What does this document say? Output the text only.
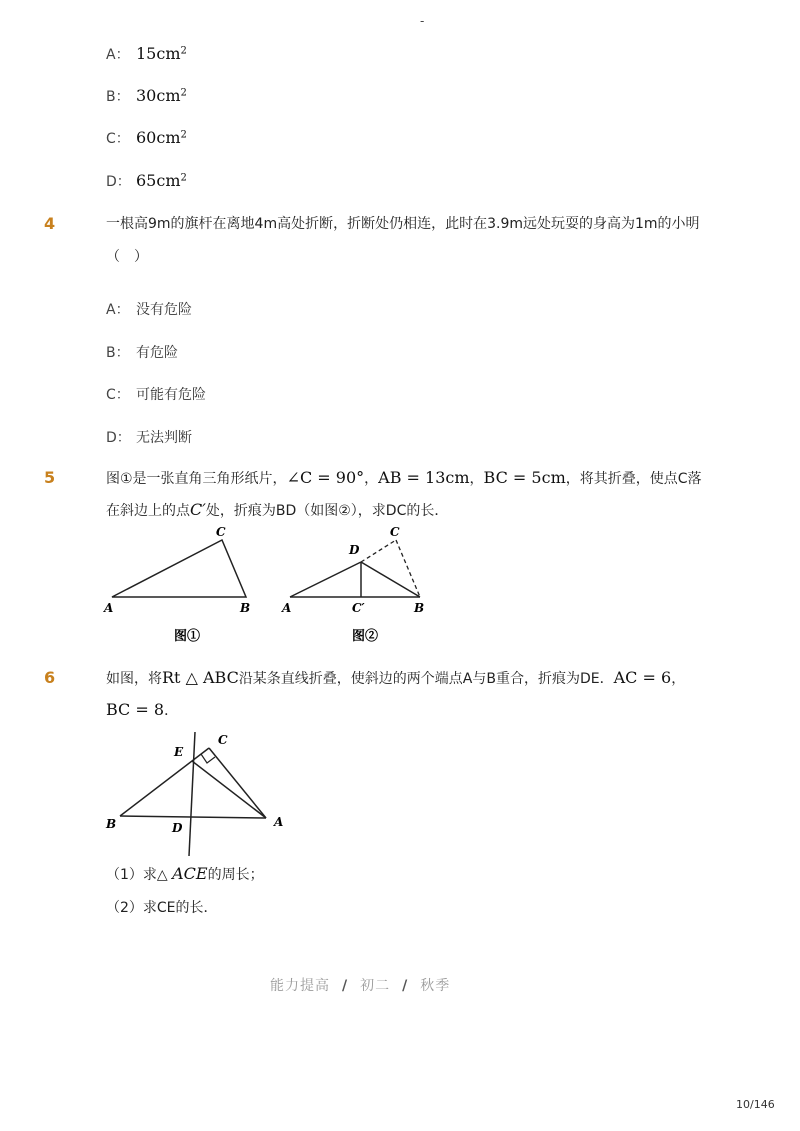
-
A： $15cm^2$
B： $30cm^2$
C： $60cm^2$
D： $65cm^2$
4	一根高9m的旗杆在离地4m高处折断，折断处仍相连，此时在3.9m远处玩耍的身高为1m的小明
（　）
A： 没有危险
B： 有危险
C： 可能有危险
D： 无法判断
5	图①是一张直角三角形纸片，∠C = 90°，AB = 13cm，BC = 5cm，将其折叠，使点C落
在斜边上的点C′处，折痕为BD（如图②），求DC的长．
A	B
C
图①
A	B
C
D
C′
图②
6	如图，将Rt △ ABC沿某条直线折叠，使斜边的两个端点A与B重合，折痕为DE．AC = 6，
BC = 8．
B	A
C
E
D
（1）求△ ACE的周长；
（2）求CE的长．
能力提高 / 初二 / 秋季
10/146
